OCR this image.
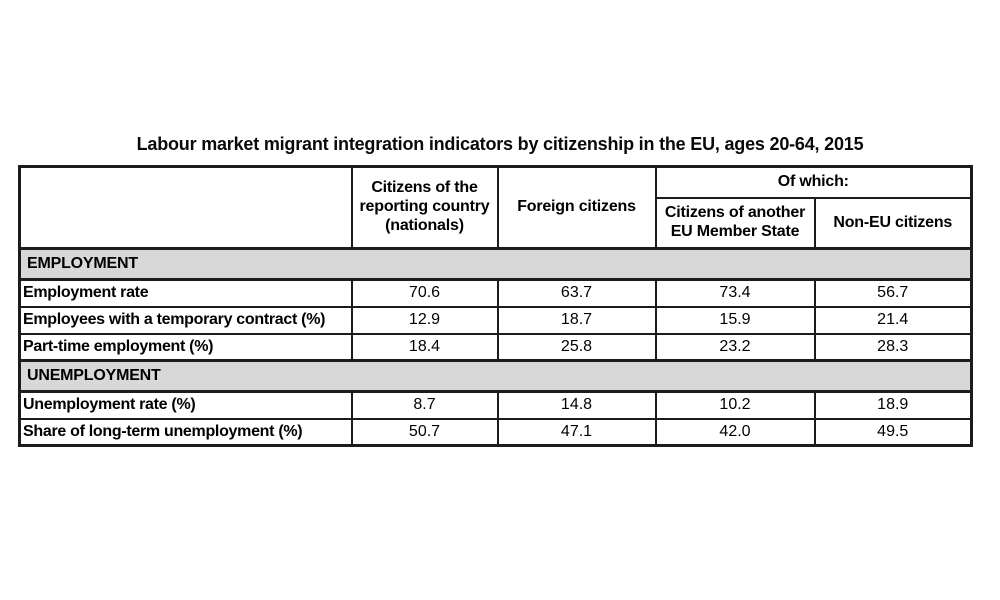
Labour market migrant integration indicators by citizenship in the EU, ages 20-64, 2015
	Citizens of the reporting country (nationals)	Foreign citizens	Of which:	
			Citizens of another EU Member State	Non-EU citizens
EMPLOYMENT				
Employment rate	70.6	63.7	73.4	56.7
Employees with a temporary contract (%)	12.9	18.7	15.9	21.4
Part-time employment (%)	18.4	25.8	23.2	28.3
UNEMPLOYMENT				
Unemployment rate (%)	8.7	14.8	10.2	18.9
Share of long-term unemployment (%)	50.7	47.1	42.0	49.5
